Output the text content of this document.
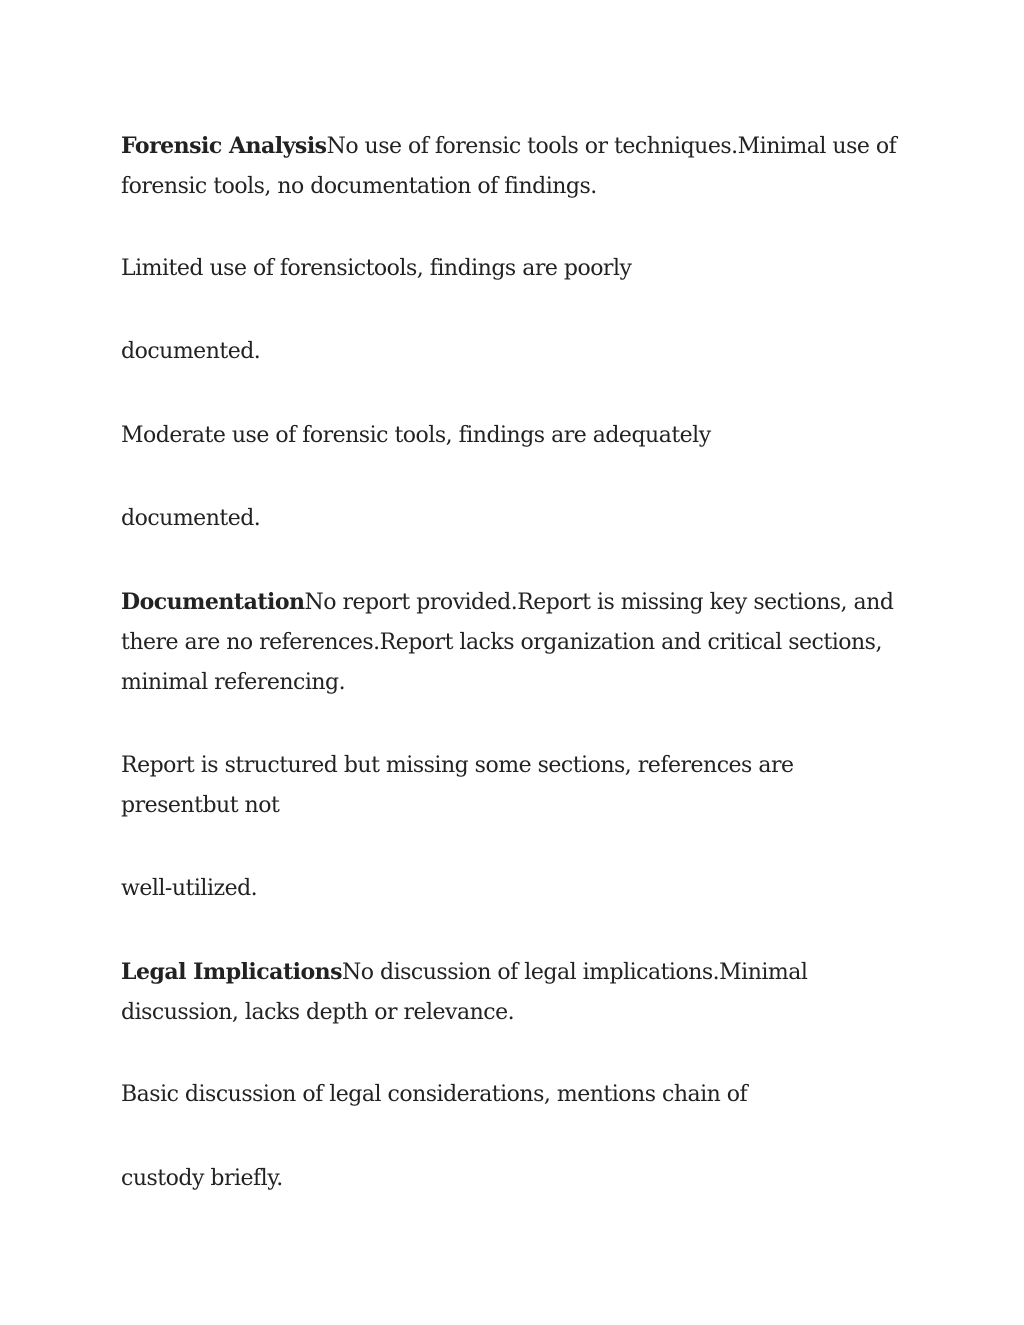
Forensic AnalysisNo use of forensic tools or techniques.Minimal use of forensic tools, no documentation of findings.

Limited use of forensictools, findings are poorly

documented.

Moderate use of forensic tools, findings are adequately

documented.

DocumentationNo report provided.Report is missing key sections, and there are no references.Report lacks organization and critical sections, minimal referencing.

Report is structured but missing some sections, references are presentbut not

well-utilized.

Legal ImplicationsNo discussion of legal implications.Minimal discussion, lacks depth or relevance.

Basic discussion of legal considerations, mentions chain of

custody briefly.
